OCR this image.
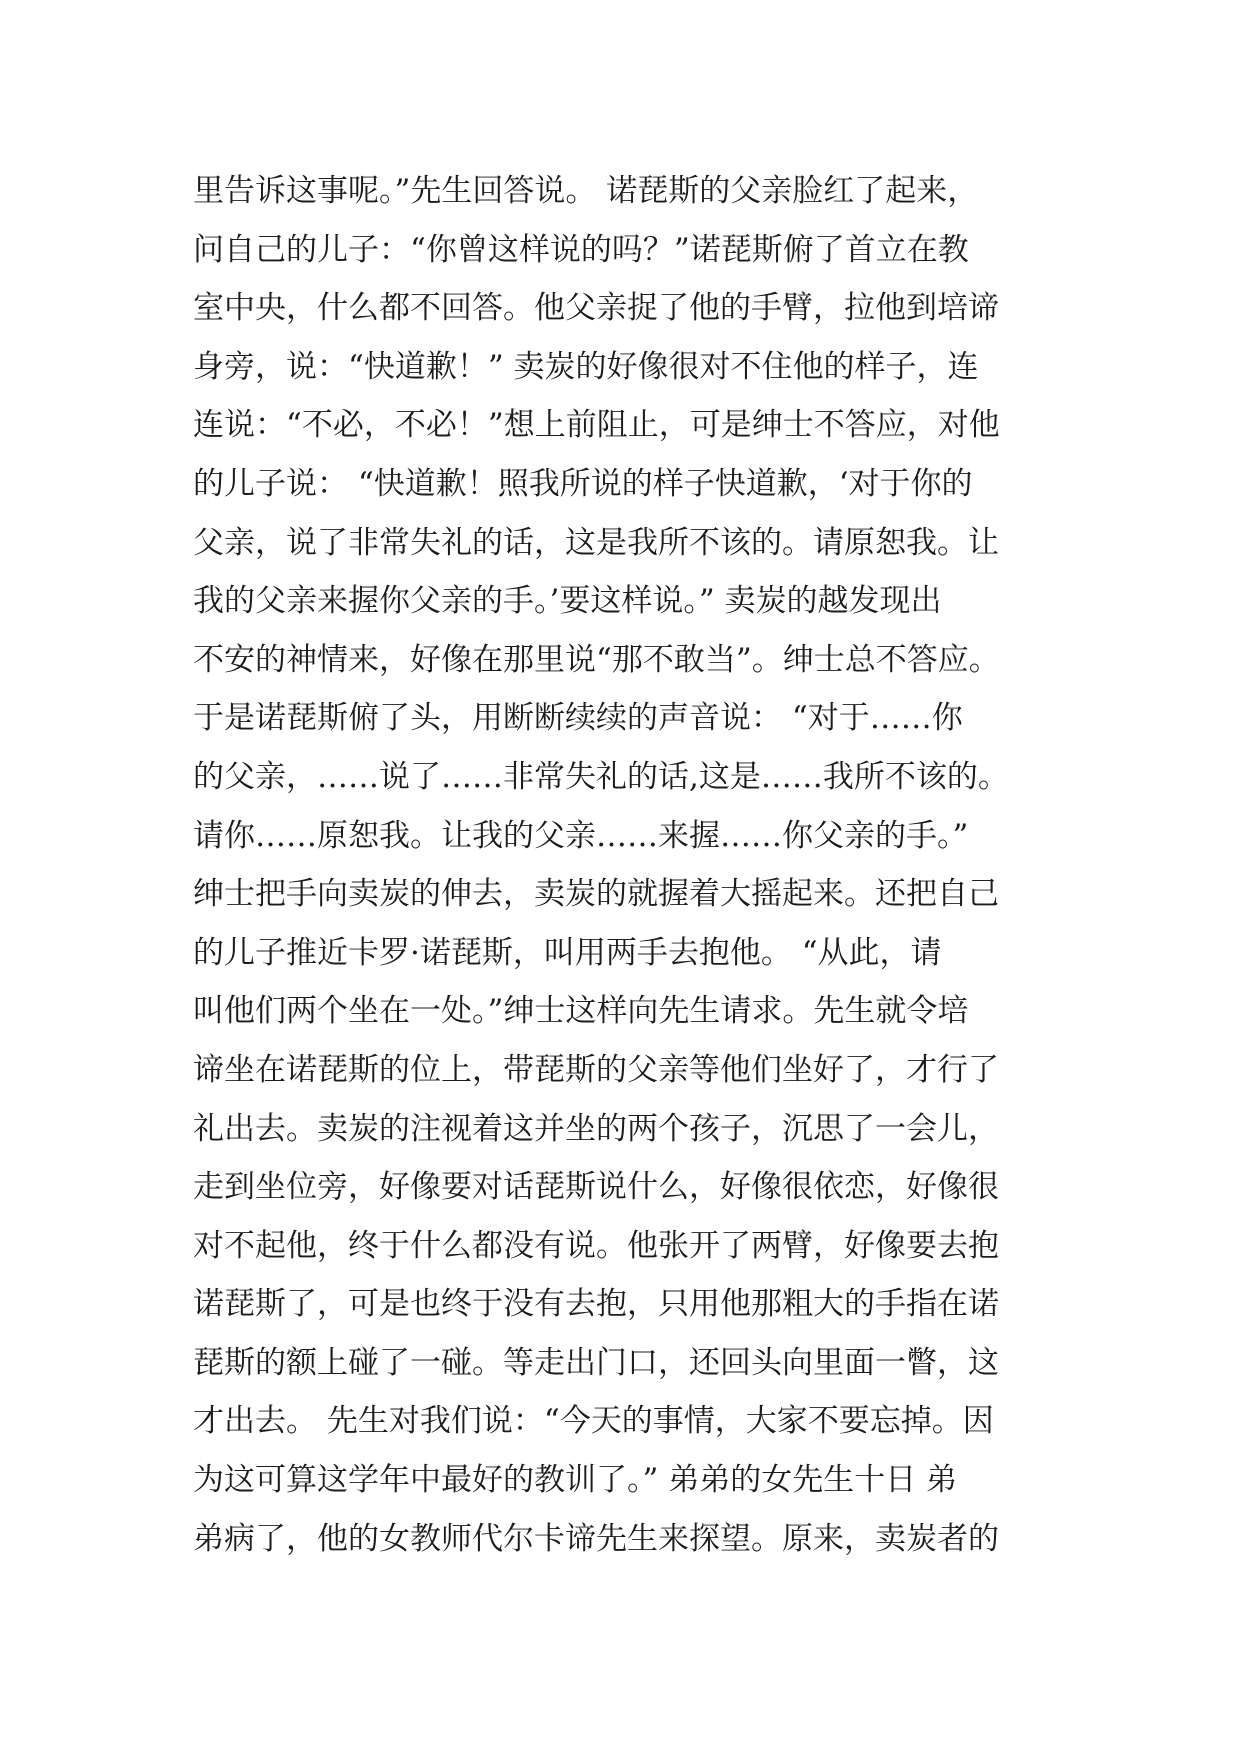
里告诉这事呢。”先生回答说。 诺琵斯的父亲脸红了起来，
问自己的儿子：“你曾这样说的吗？”诺琵斯俯了首立在教
室中央，什么都不回答。他父亲捉了他的手臂，拉他到培谛
身旁，说：“快道歉！” 卖炭的好像很对不住他的样子，连
连说：“不必，不必！”想上前阻止，可是绅士不答应，对他
的儿子说： “快道歉！照我所说的样子快道歉，‘对于你的
父亲，说了非常失礼的话，这是我所不该的。请原恕我。让
我的父亲来握你父亲的手。’要这样说。” 卖炭的越发现出
不安的神情来，好像在那里说“那不敢当”。绅士总不答应。
于是诺琵斯俯了头，用断断续续的声音说： “对于……你
的父亲，……说了……非常失礼的话,这是……我所不该的。
请你……原恕我。让我的父亲……来握……你父亲的手。”
绅士把手向卖炭的伸去，卖炭的就握着大摇起来。还把自己
的儿子推近卡罗·诺琵斯，叫用两手去抱他。 “从此，请
叫他们两个坐在一处。”绅士这样向先生请求。先生就令培
谛坐在诺琵斯的位上，带琵斯的父亲等他们坐好了，才行了
礼出去。卖炭的注视着这并坐的两个孩子，沉思了一会儿，
走到坐位旁，好像要对话琵斯说什么，好像很依恋，好像很
对不起他，终于什么都没有说。他张开了两臂，好像要去抱
诺琵斯了，可是也终于没有去抱，只用他那粗大的手指在诺
琵斯的额上碰了一碰。等走出门口，还回头向里面一瞥，这
才出去。 先生对我们说：“今天的事情，大家不要忘掉。因
为这可算这学年中最好的教训了。” 弟弟的女先生十日 弟
弟病了，他的女教师代尔卡谛先生来探望。原来，卖炭者的
